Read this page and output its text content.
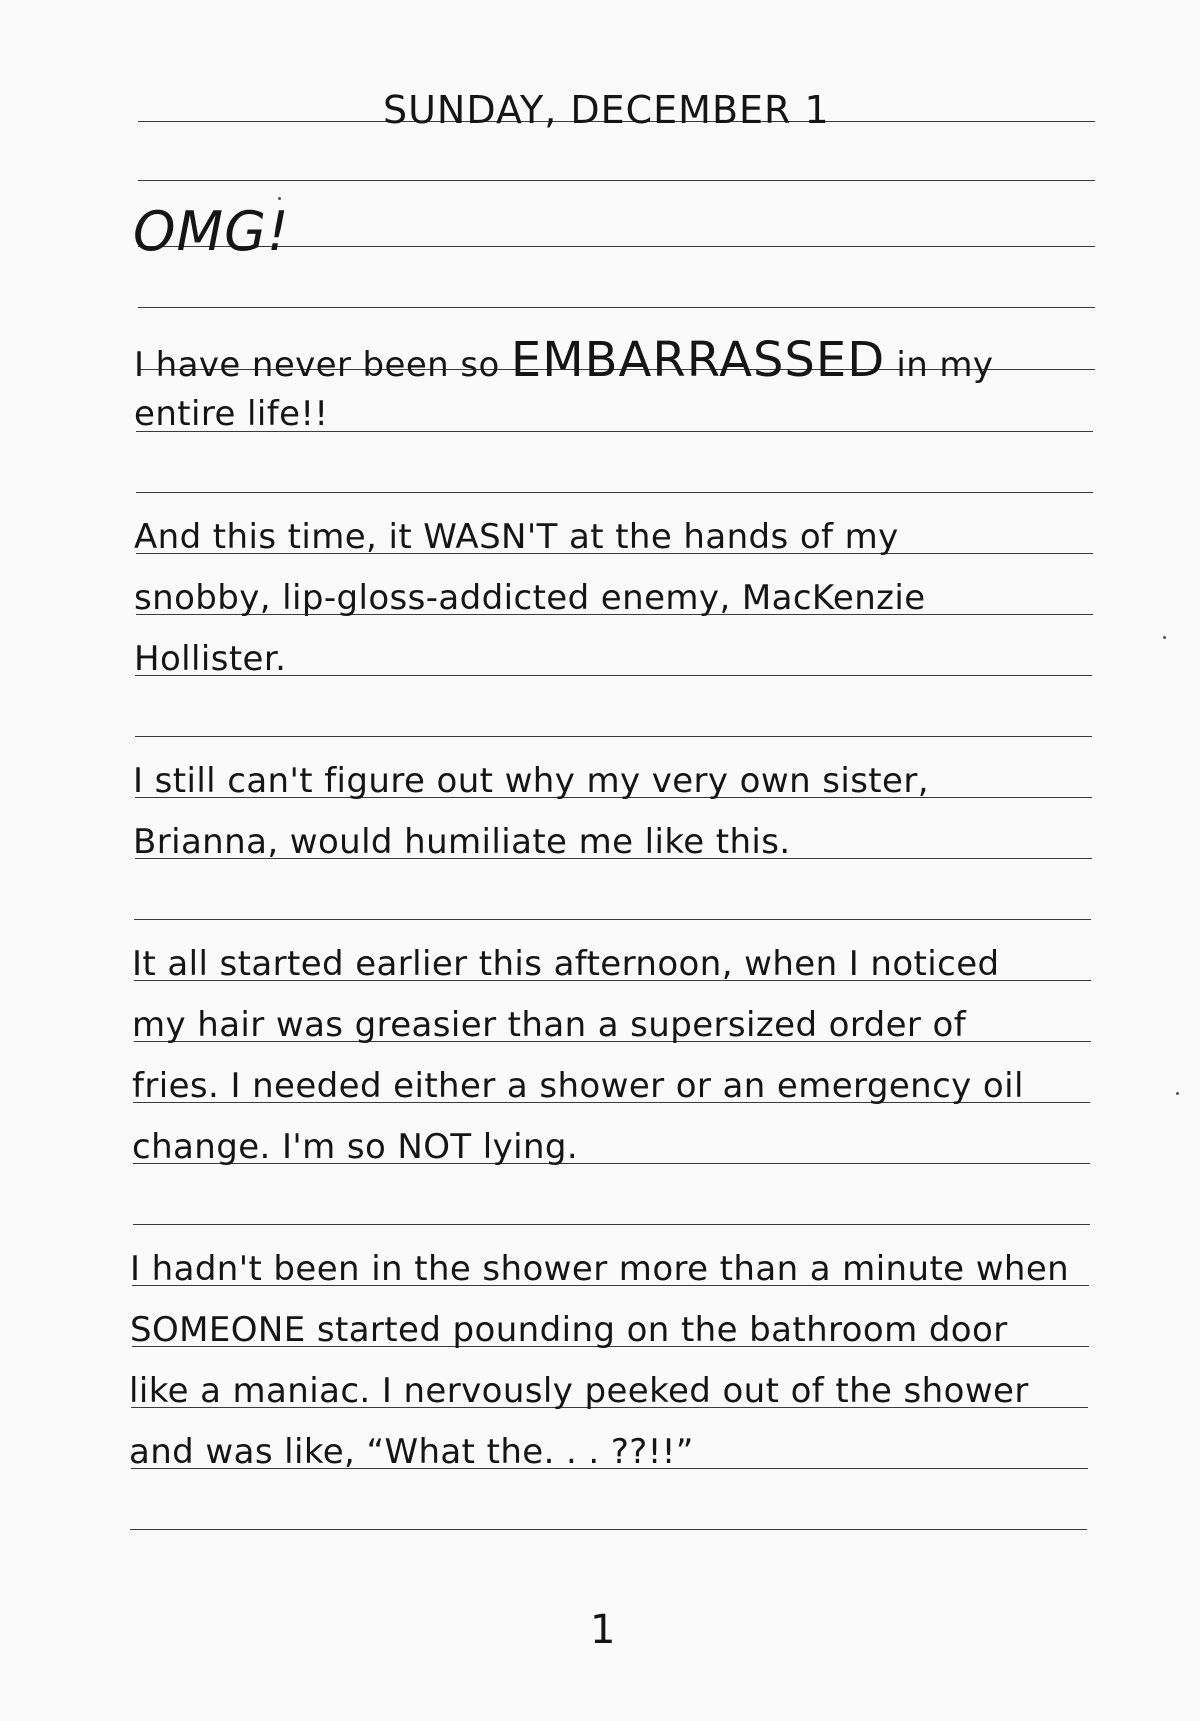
SUNDAY, DECEMBER 1
OMG!
I have never been so EMBARRASSED in my
entire life!!
And this time, it WASN'T at the hands of my
snobby, lip-gloss-addicted enemy, MacKenzie
Hollister.
I still can't figure out why my very own sister,
Brianna, would humiliate me like this.
It all started earlier this afternoon, when I noticed
my hair was greasier than a supersized order of
fries. I needed either a shower or an emergency oil
change. I'm so NOT lying.
I hadn't been in the shower more than a minute when
SOMEONE started pounding on the bathroom door
like a maniac. I nervously peeked out of the shower
and was like, “What the. . . ??!!”
1
